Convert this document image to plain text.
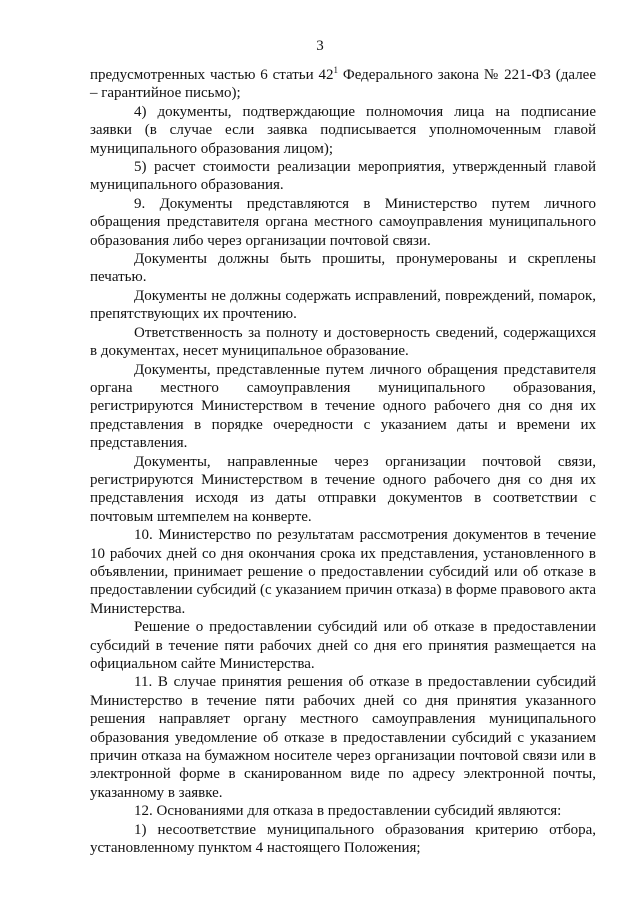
3

предусмотренных частью 6 статьи $42^1$ Федерального закона № 221-ФЗ (далее – гарантийное письмо);

4) документы, подтверждающие полномочия лица на подписание заявки (в случае если заявка подписывается уполномоченным главой муниципального образования лицом);

5) расчет стоимости реализации мероприятия, утвержденный главой муниципального образования.

9. Документы представляются в Министерство путем личного обращения представителя органа местного самоуправления муниципального образования либо через организации почтовой связи.

Документы должны быть прошиты, пронумерованы и скреплены печатью.

Документы не должны содержать исправлений, повреждений, помарок, препятствующих их прочтению.

Ответственность за полноту и достоверность сведений, содержащихся в документах, несет муниципальное образование.

Документы, представленные путем личного обращения представителя органа местного самоуправления муниципального образования, регистрируются Министерством в течение одного рабочего дня со дня их представления в порядке очередности с указанием даты и времени их представления.

Документы, направленные через организации почтовой связи, регистрируются Министерством в течение одного рабочего дня со дня их представления исходя из даты отправки документов в соответствии с почтовым штемпелем на конверте.

10. Министерство по результатам рассмотрения документов в течение 10 рабочих дней со дня окончания срока их представления, установленного в объявлении, принимает решение о предоставлении субсидий или об отказе в предоставлении субсидий (с указанием причин отказа) в форме правового акта Министерства.

Решение о предоставлении субсидий или об отказе в предоставлении субсидий в течение пяти рабочих дней со дня его принятия размещается на официальном сайте Министерства.

11. В случае принятия решения об отказе в предоставлении субсидий Министерство в течение пяти рабочих дней со дня принятия указанного решения направляет органу местного самоуправления муниципального образования уведомление об отказе в предоставлении субсидий с указанием причин отказа на бумажном носителе через организации почтовой связи или в электронной форме в сканированном виде по адресу электронной почты, указанному в заявке.

12. Основаниями для отказа в предоставлении субсидий являются:

1) несоответствие муниципального образования критерию отбора, установленному пунктом 4 настоящего Положения;
